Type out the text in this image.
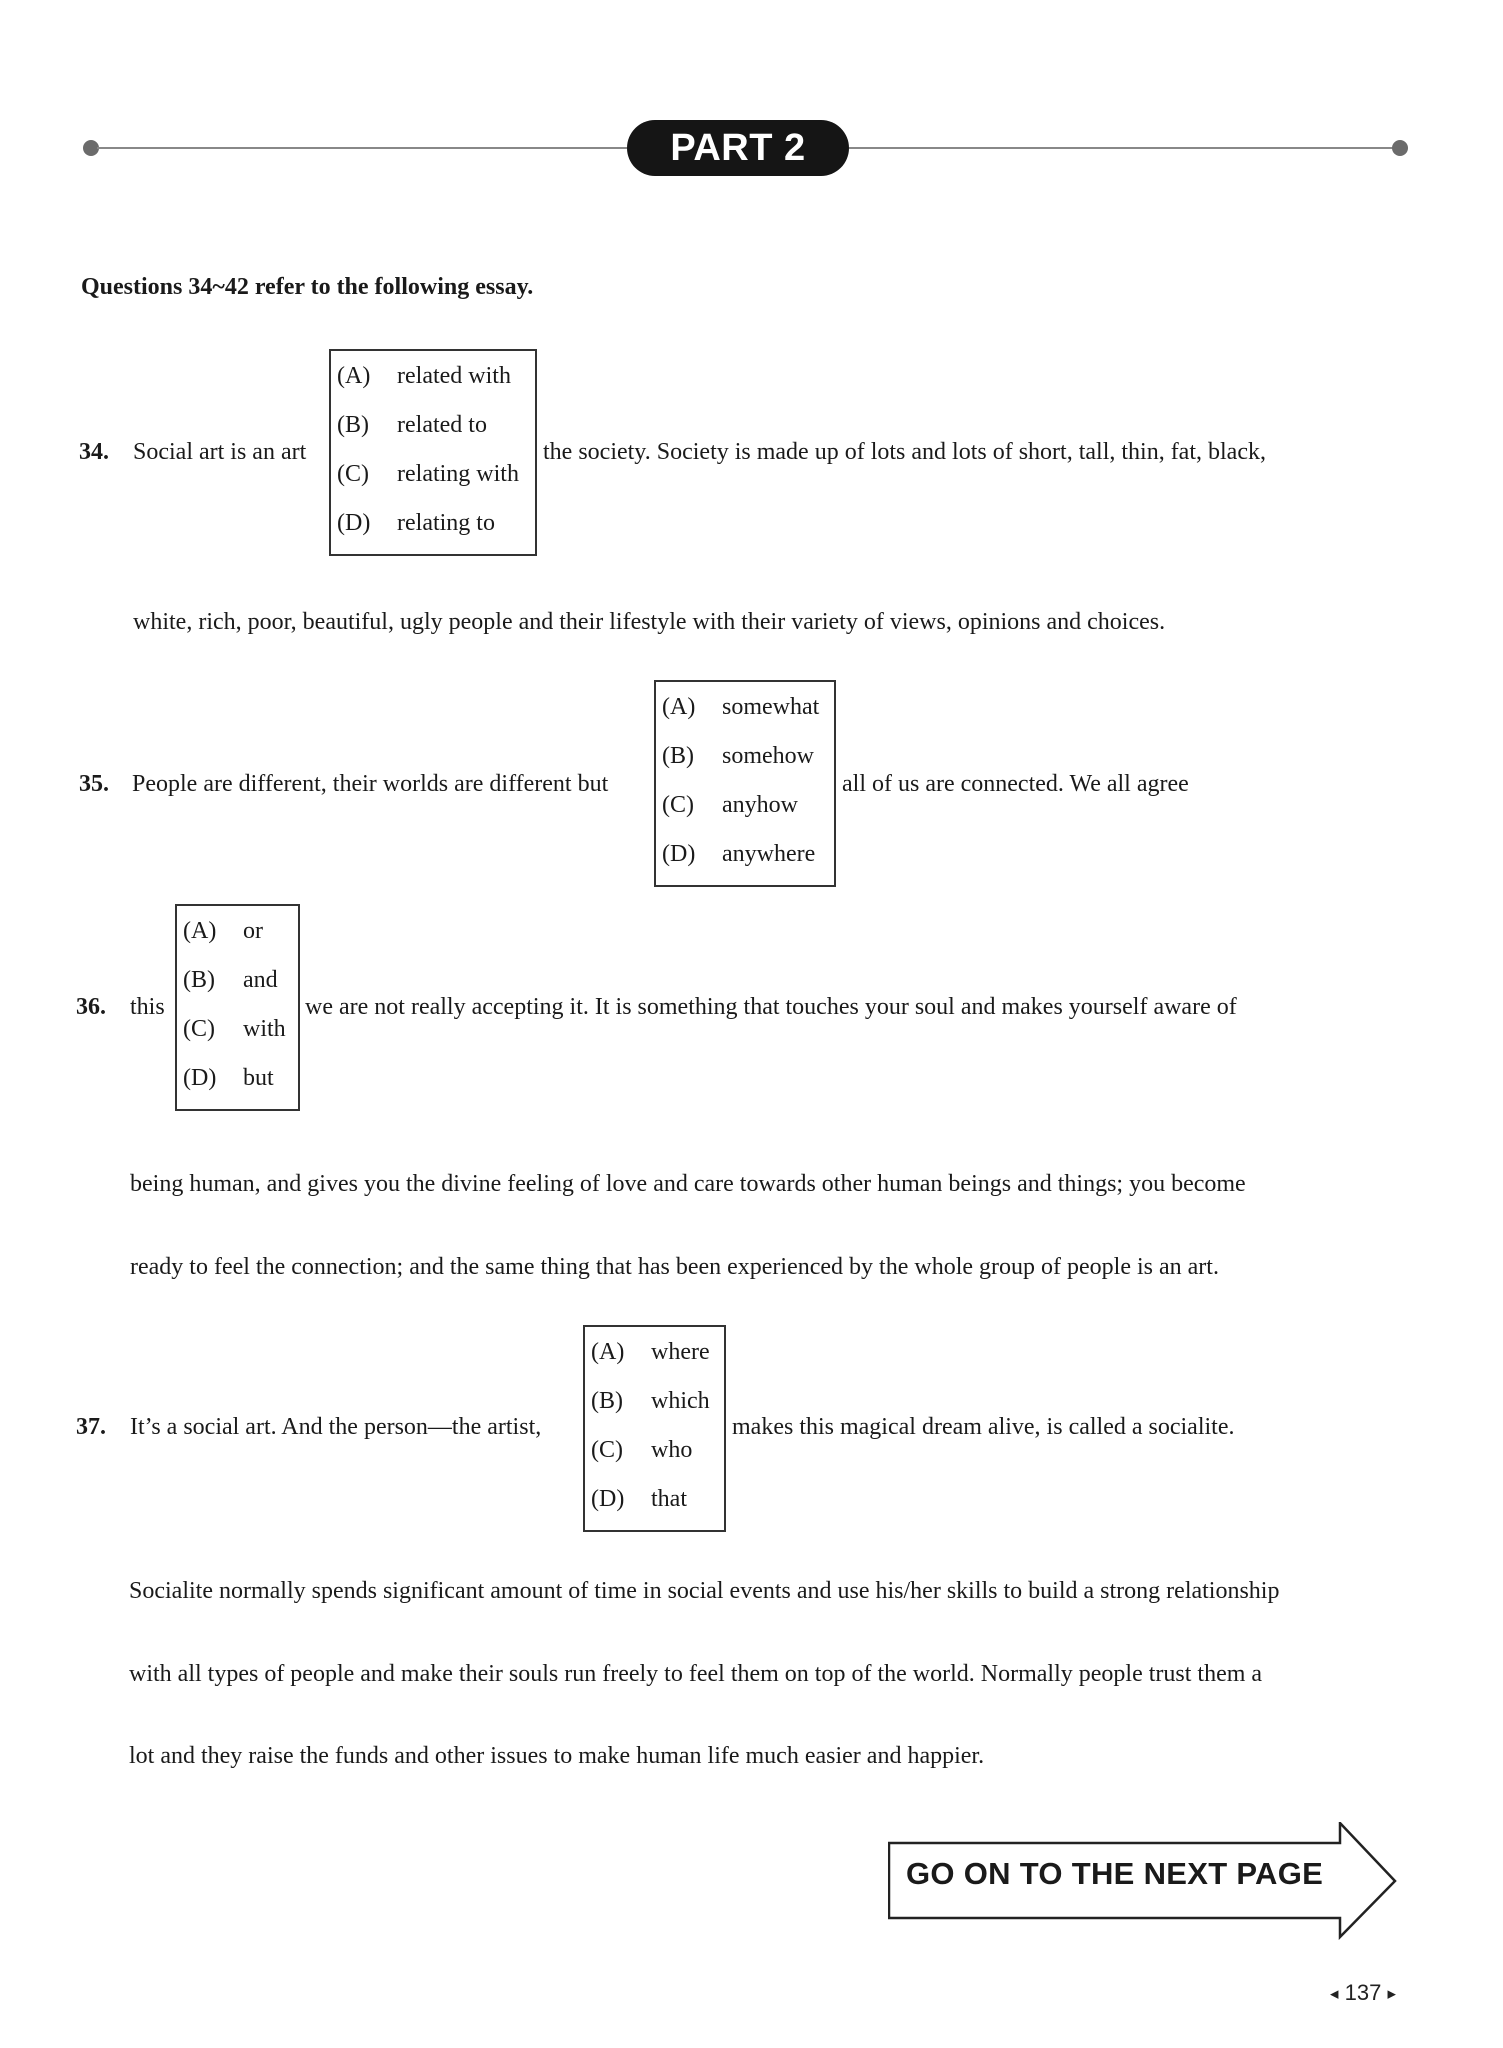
PART 2
Questions 34~42 refer to the following essay.
34. Social art is an art
(A) related with
(B) related to
(C) relating with
(D) relating to
the society. Society is made up of lots and lots of short, tall, thin, fat, black,
white, rich, poor, beautiful, ugly people and their lifestyle with their variety of views, opinions and choices.
35. People are different, their worlds are different but
(A) somewhat
(B) somehow
(C) anyhow
(D) anywhere
all of us are connected. We all agree
36. this
(A) or
(B) and
(C) with
(D) but
we are not really accepting it. It is something that touches your soul and makes yourself aware of
being human, and gives you the divine feeling of love and care towards other human beings and things; you become
ready to feel the connection; and the same thing that has been experienced by the whole group of people is an art.
37. It’s a social art. And the person—the artist,
(A) where
(B) which
(C) who
(D) that
makes this magical dream alive, is called a socialite.
Socialite normally spends significant amount of time in social events and use his/her skills to build a strong relationship
with all types of people and make their souls run freely to feel them on top of the world. Normally people trust them a
lot and they raise the funds and other issues to make human life much easier and happier.
GO ON TO THE NEXT PAGE
◀ 137 ▶
